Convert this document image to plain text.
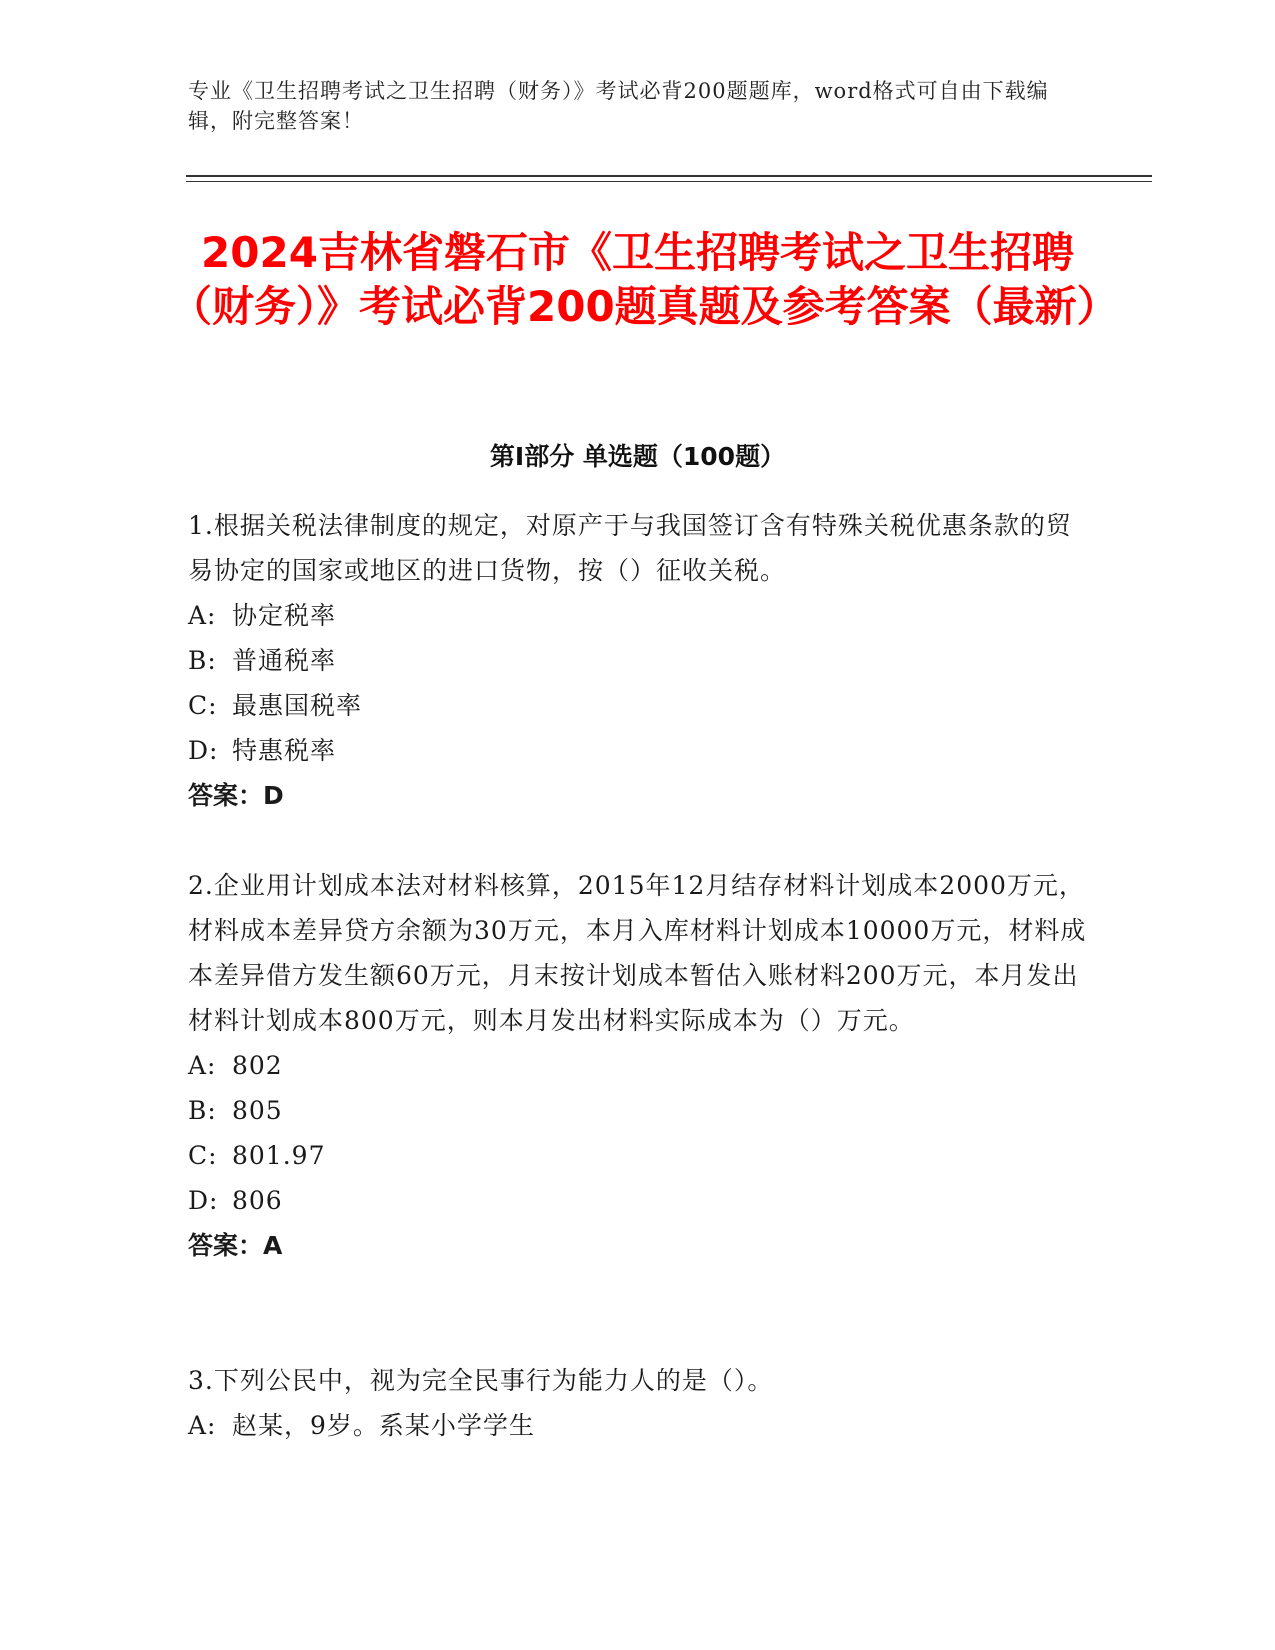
专业《卫生招聘考试之卫生招聘（财务）》考试必背200题题库，word格式可自由下载编辑，附完整答案！
2024吉林省磐石市《卫生招聘考试之卫生招聘（财务）》考试必背200题真题及参考答案（最新）
第I部分 单选题（100题）

1.根据关税法律制度的规定，对原产于与我国签订含有特殊关税优惠条款的贸易协定的国家或地区的进口货物，按（）征收关税。

A: 协定税率

B: 普通税率

C: 最惠国税率

D: 特惠税率

答案：D

2.企业用计划成本法对材料核算，2015年12月结存材料计划成本2000万元，材料成本差异贷方余额为30万元，本月入库材料计划成本10000万元，材料成本差异借方发生额60万元，月末按计划成本暂估入账材料200万元，本月发出材料计划成本800万元，则本月发出材料实际成本为（）万元。

A: 802

B: 805

C: 801.97

D: 806

答案：A

3.下列公民中，视为完全民事行为能力人的是（）。

A: 赵某，9岁。系某小学学生
